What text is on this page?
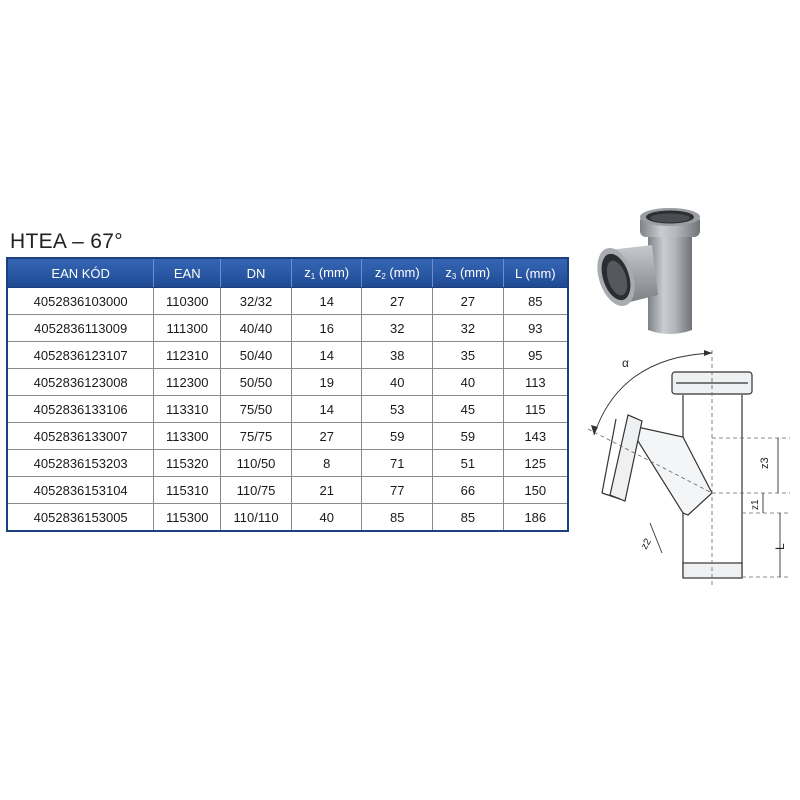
HTEA – 67°
EAN KÓD	EAN	DN	$z_1$ (mm)	$z_2$ (mm)	$z_3$ (mm)	L (mm)
4052836103000	110300	32/32	14	27	27	85
4052836113009	111300	40/40	16	32	32	93
4052836123107	112310	50/40	14	38	35	95
4052836123008	112300	50/50	19	40	40	113
4052836133106	113310	75/50	14	53	45	115
4052836133007	113300	75/75	27	59	59	143
4052836153203	115320	110/50	8	71	51	125
4052836153104	115310	110/75	21	77	66	150
4052836153005	115300	110/110	40	85	85	186
α
z3
z1
z2	L
